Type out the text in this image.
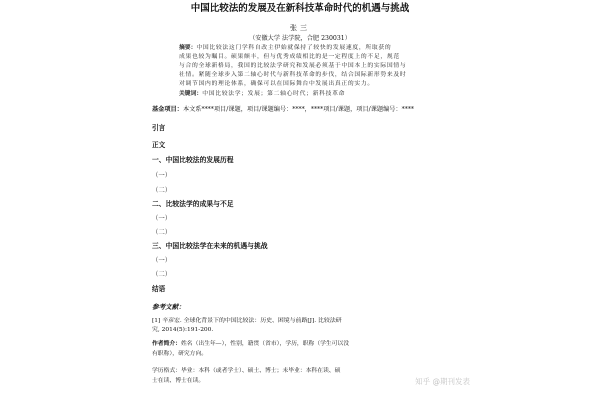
中国比较法的发展及在新科技革命时代的机遇与挑战
张三
（安徽大学 法学院，合肥 230031）
摘要：中国比较法这门学科自改主伊始就保持了较快的发展速度，所取获的
成果也较为瞩目。硕果颇丰，但与优秀成绩相比的是一定程度上的不足，规范
与合的全球新格局，我国的比较法学研究和发展必须基于中国本上的实际国情与
社情。紧随全球步入第二轴心时代与新科技革命的步伐，结合国际新形势来及时
对调节国内的理论体系，确保可以在国际舞台中发展出真正的实力。
关键词：中国比较法学；发展；第二轴心时代；新科技革命
基金项目：本文系****项目/课题，项目/课题编号：****，****项目/课题，项目/课题编号：****
引言
正文
一、中国比较法的发展历程
（一）
（二）
二、比较法学的成果与不足
（一）
（二）
三、中国比较法学在未来的机遇与挑战
（一）
（二）
结语
参考文献：
[1] 辛彦宏. 全球化背景下的中国比较法：历史、困境与前路[J]. 比较法研
究, 2014(5):191-200.
作者简介：姓名（出生年—），性别，籍贯（省市），学历，职称（学生可以没
有职称），研究方向。
学历格式：毕业：本科（或者学士）、硕士、博士；未毕业：本科在读、硕
士在读、博士在读。	知乎 @期刊发表
